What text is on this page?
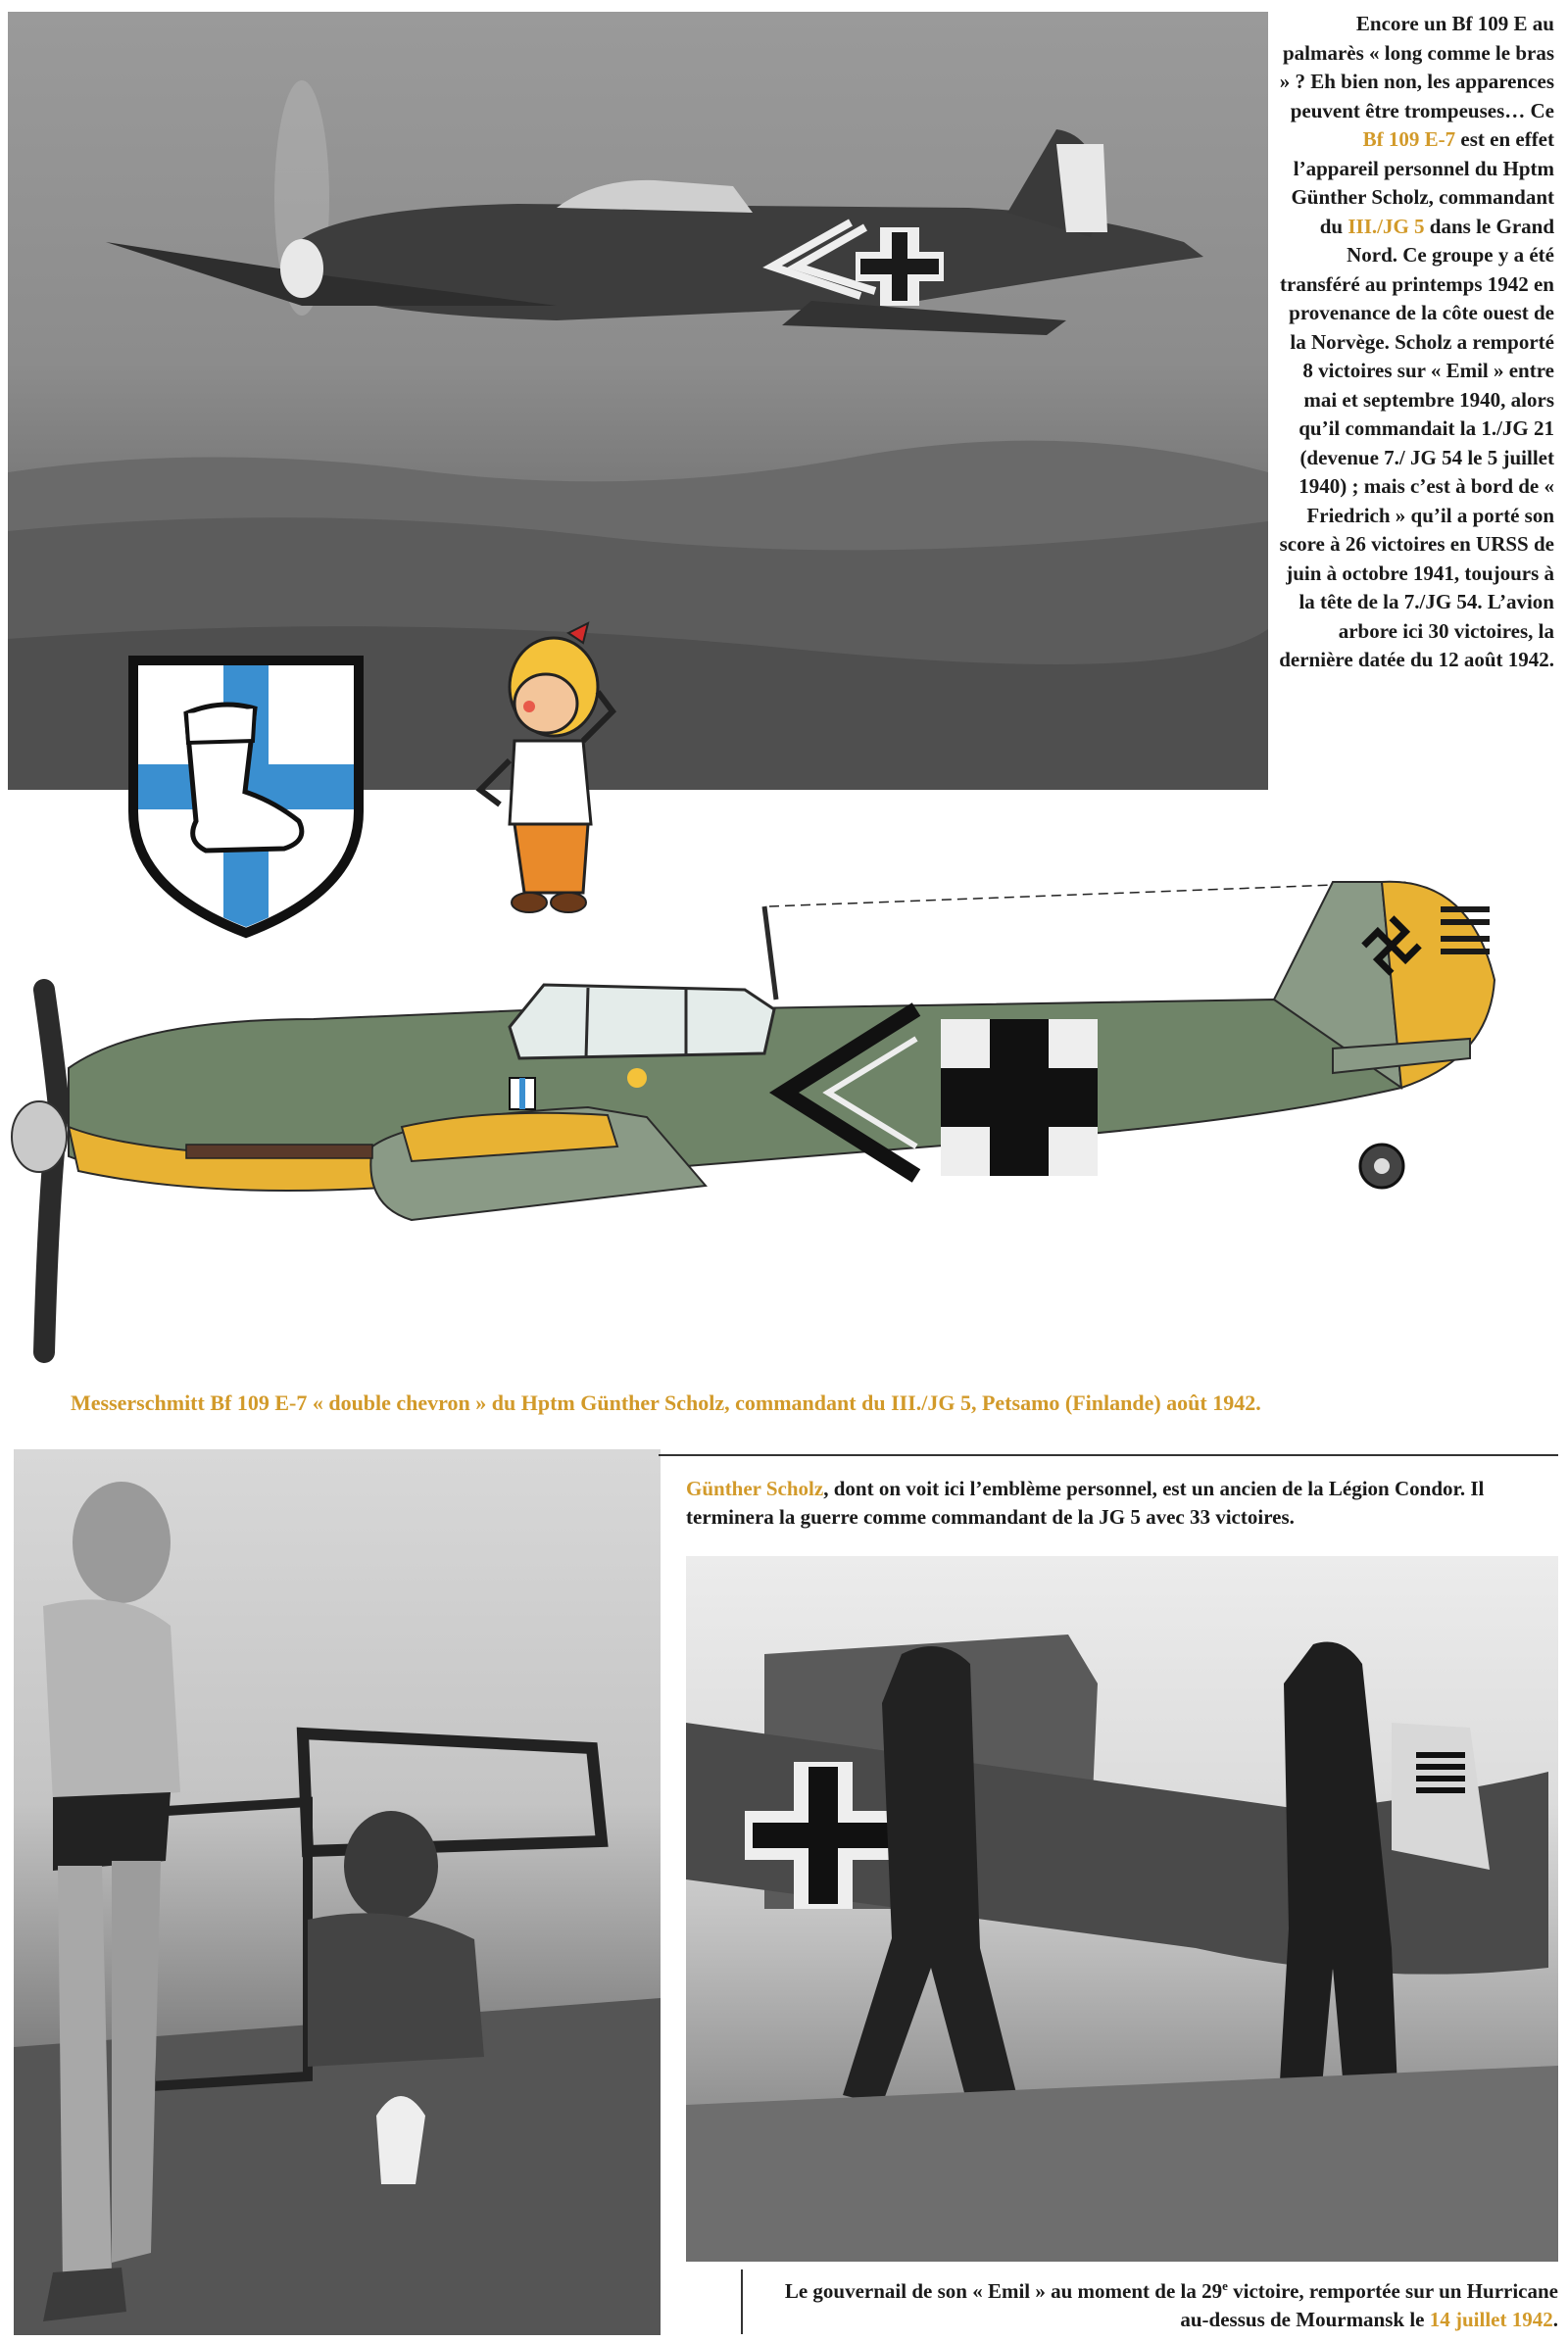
Encore un Bf 109 E au palmarès « long comme le bras » ? Eh bien non, les apparences peuvent être trompeuses… Ce Bf 109 E-7 est en effet l’appareil personnel du Hptm Günther Scholz, commandant du III./JG 5 dans le Grand Nord. Ce groupe y a été transféré au printemps 1942 en provenance de la côte ouest de la Norvège. Scholz a remporté 8 victoires sur « Emil » entre mai et septembre 1940, alors qu’il commandait la 1./JG 21 (devenue 7./ JG 54 le 5 juillet 1940) ; mais c’est à bord de « Friedrich » qu’il a porté son score à 26 victoires en URSS de juin à octobre 1941, toujours à la tête de la 7./JG 54. L’avion arbore ici 30 victoires, la dernière datée du 12 août 1942.
Messerschmitt Bf 109 E-7 « double chevron » du Hptm Günther Scholz, commandant du III./JG 5, Petsamo (Finlande) août 1942.
Günther Scholz, dont on voit ici l’emblème personnel, est un ancien de la Légion Condor. Il terminera la guerre comme commandant de la JG 5 avec 33 victoires.
Le gouvernail de son « Emil » au moment de la 29e victoire, remportée sur un Hurricane au-dessus de Mourmansk le 14 juillet 1942.
